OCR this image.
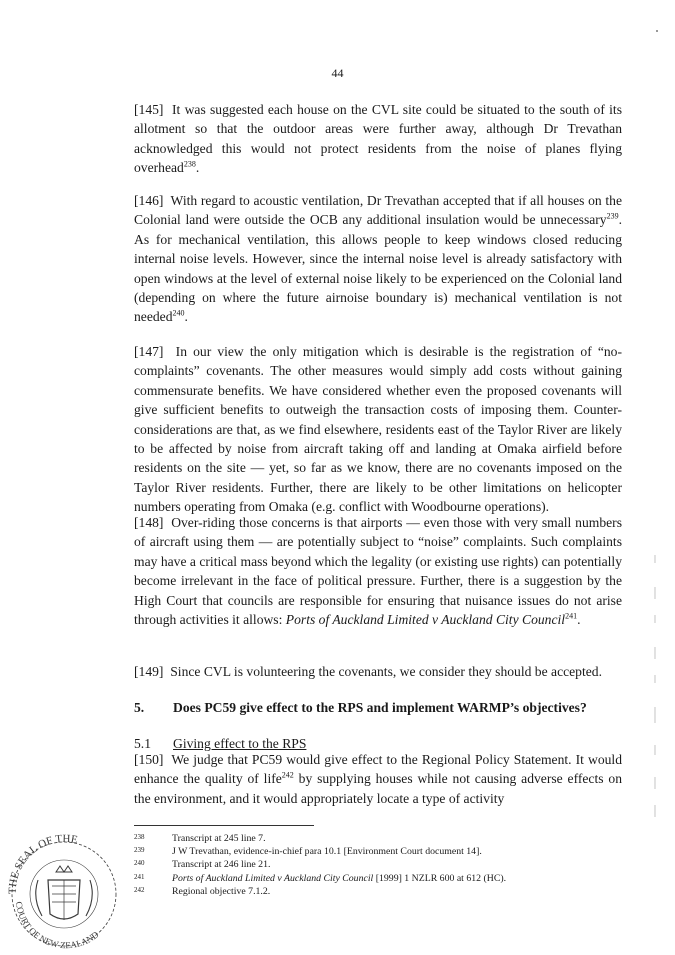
44

[145] It was suggested each house on the CVL site could be situated to the south of its allotment so that the outdoor areas were further away, although Dr Trevathan acknowledged this would not protect residents from the noise of planes flying overhead$^{238}$.

[146] With regard to acoustic ventilation, Dr Trevathan accepted that if all houses on the Colonial land were outside the OCB any additional insulation would be unnecessary$^{239}$. As for mechanical ventilation, this allows people to keep windows closed reducing internal noise levels. However, since the internal noise level is already satisfactory with open windows at the level of external noise likely to be experienced on the Colonial land (depending on where the future airnoise boundary is) mechanical ventilation is not needed$^{240}$.

[147] In our view the only mitigation which is desirable is the registration of “no-complaints” covenants. The other measures would simply add costs without gaining commensurate benefits. We have considered whether even the proposed covenants will give sufficient benefits to outweigh the transaction costs of imposing them. Counter-considerations are that, as we find elsewhere, residents east of the Taylor River are likely to be affected by noise from aircraft taking off and landing at Omaka airfield before residents on the site — yet, so far as we know, there are no covenants imposed on the Taylor River residents. Further, there are likely to be other limitations on helicopter numbers operating from Omaka (e.g. conflict with Woodbourne operations).

[148] Over-riding those concerns is that airports — even those with very small numbers of aircraft using them — are potentially subject to “noise” complaints. Such complaints may have a critical mass beyond which the legality (or existing use rights) can potentially become irrelevant in the face of political pressure. Further, there is a suggestion by the High Court that councils are responsible for ensuring that nuisance issues do not arise through activities it allows: Ports of Auckland Limited v Auckland City Council$^{241}$.

[149] Since CVL is volunteering the covenants, we consider they should be accepted.

5. Does PC59 give effect to the RPS and implement WARMP’s objectives?
5.1 Giving effect to the RPS

[150] We judge that PC59 would give effect to the Regional Policy Statement. It would enhance the quality of life$^{242}$ by supplying houses while not causing adverse effects on the environment, and it would appropriately locate a type of activity

238	Transcript at 245 line 7.
239	J W Trevathan, evidence-in-chief para 10.1 [Environment Court document 14].
240	Transcript at 246 line 21.
241	Ports of Auckland Limited v Auckland City Council [1999] 1 NZLR 600 at 612 (HC).
242	Regional objective 7.1.2.
THE SEAL OF THE
COURT OF NEW ZEALAND
